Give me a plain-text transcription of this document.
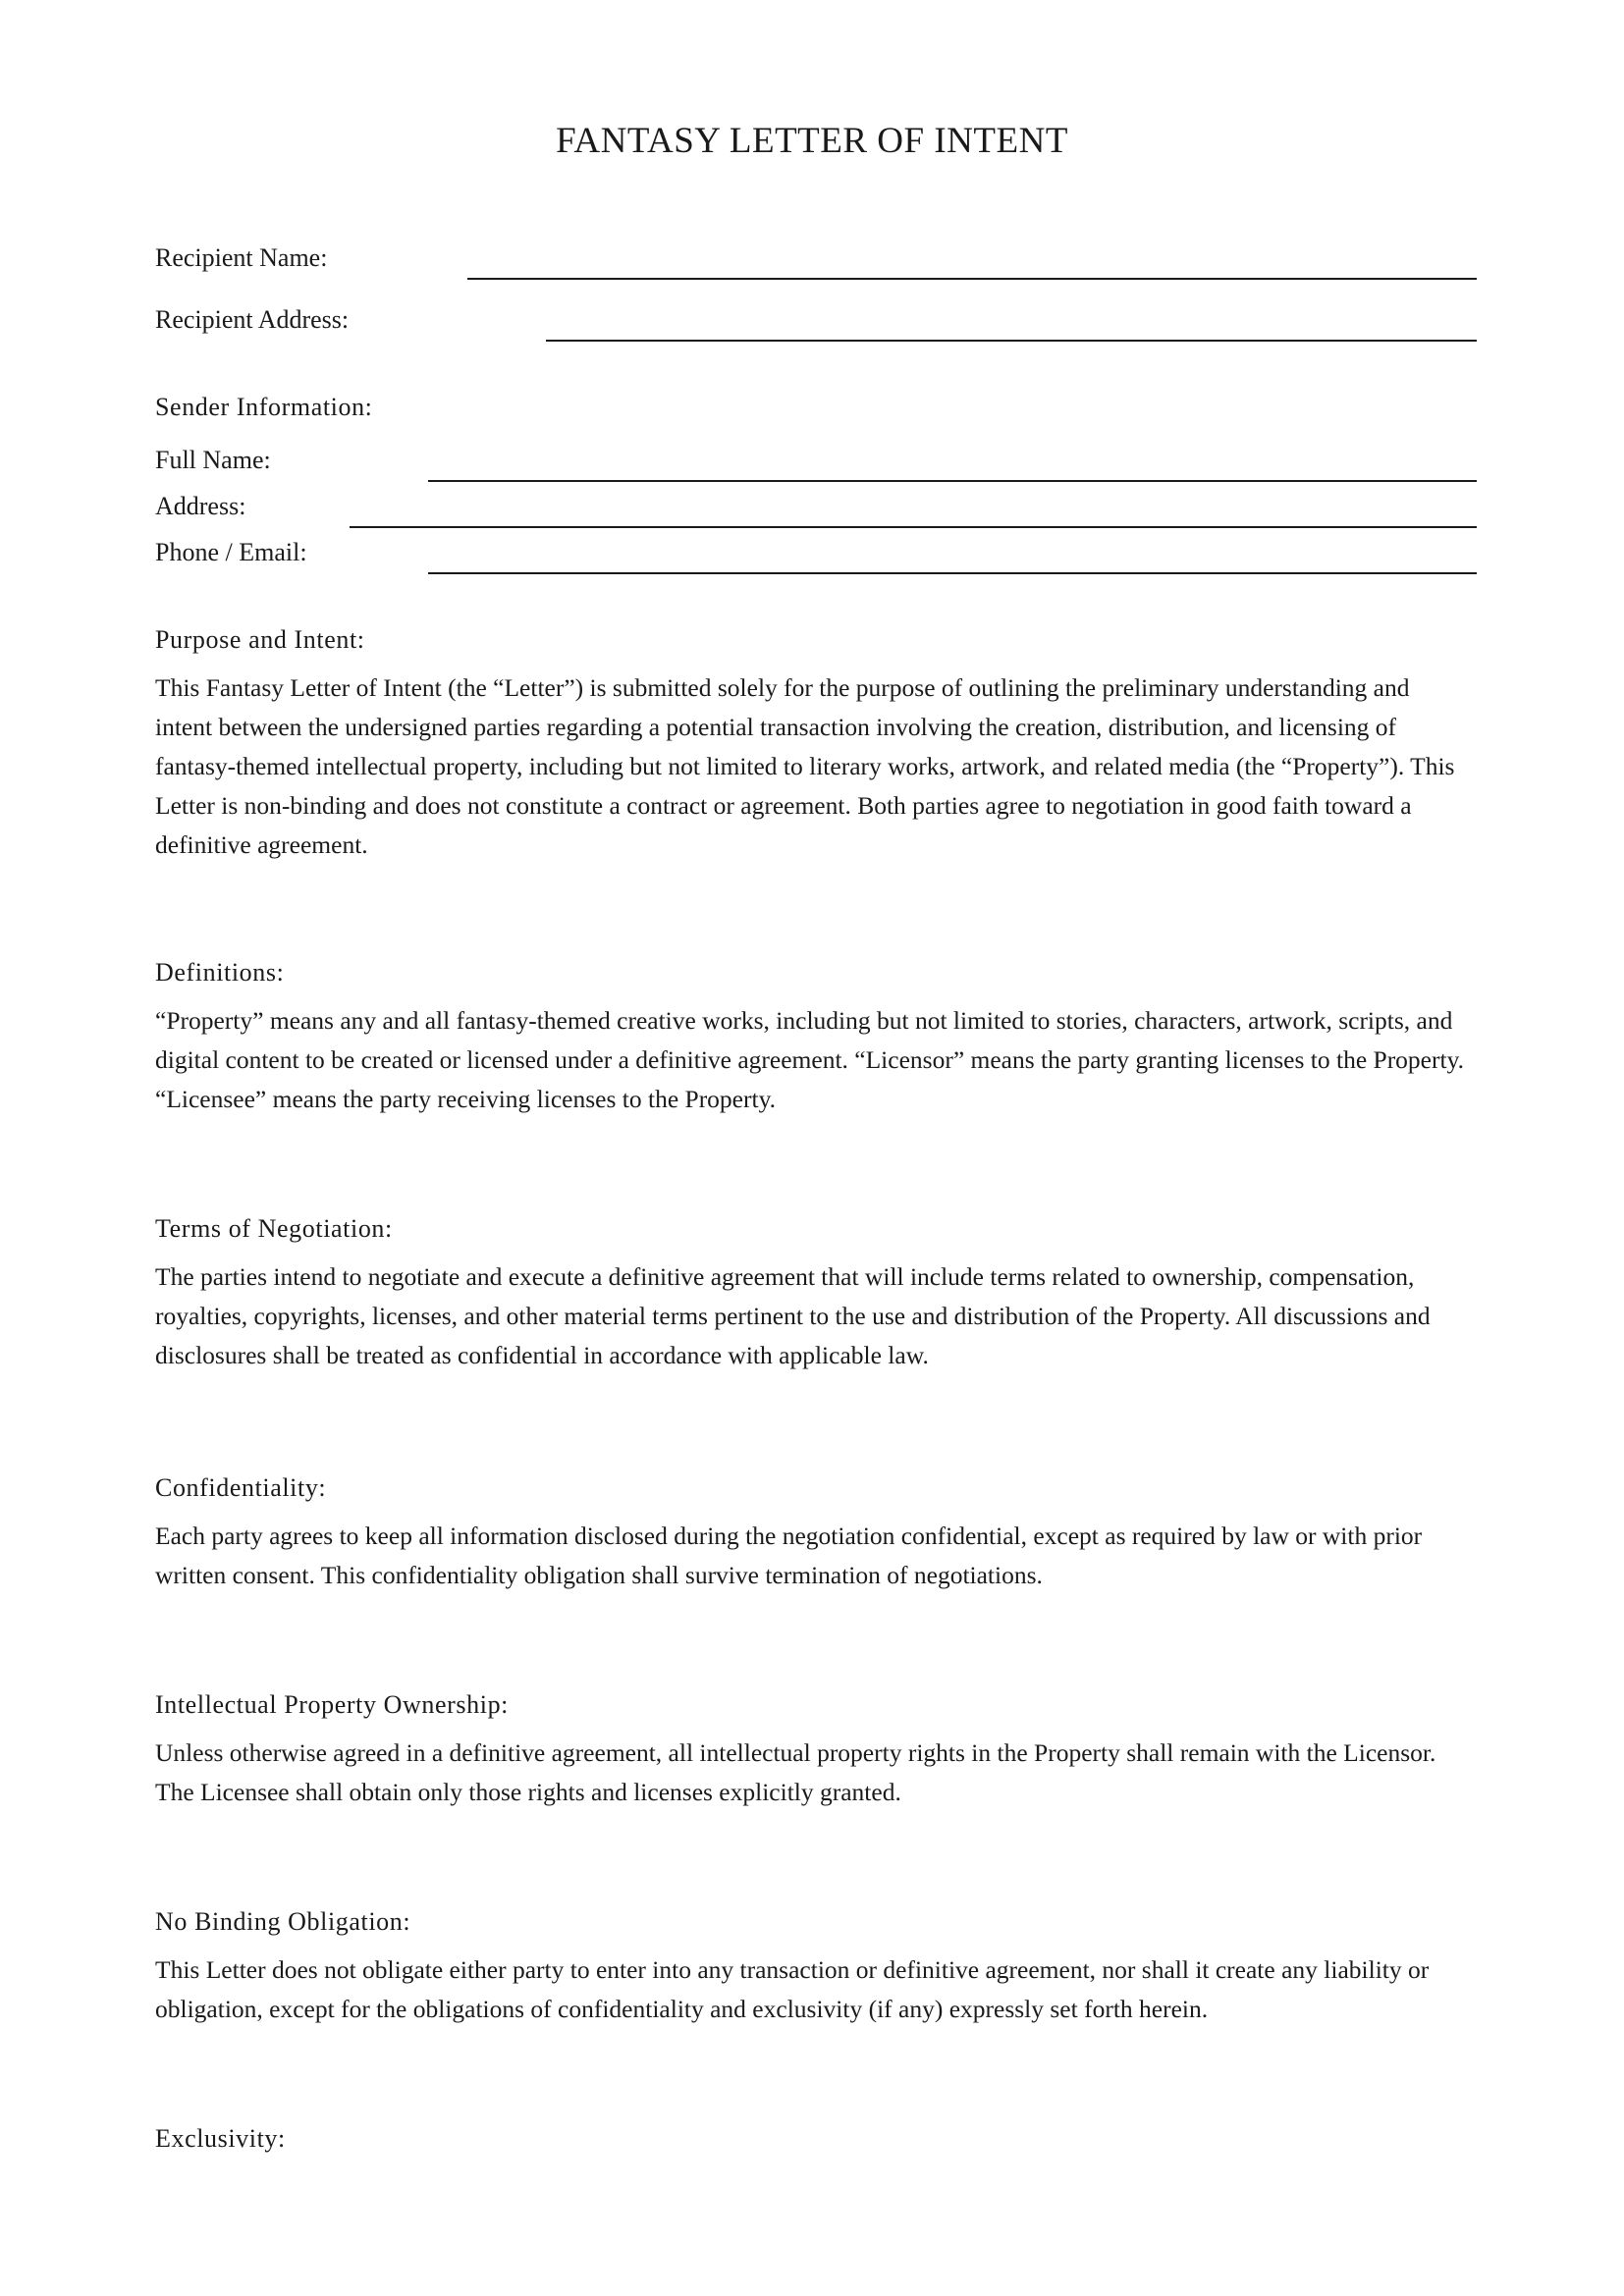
FANTASY LETTER OF INTENT
Recipient Name:
Recipient Address:
Sender Information:
Full Name:
Address:
Phone / Email:
Purpose and Intent:

This Fantasy Letter of Intent (the “Letter”) is submitted solely for the purpose of outlining the preliminary understanding and intent between the undersigned parties regarding a potential transaction involving the creation, distribution, and licensing of fantasy-themed intellectual property, including but not limited to literary works, artwork, and related media (the “Property”). This Letter is non-binding and does not constitute a contract or agreement. Both parties agree to negotiation in good faith toward a definitive agreement.

Definitions:

“Property” means any and all fantasy-themed creative works, including but not limited to stories, characters, artwork, scripts, and digital content to be created or licensed under a definitive agreement. “Licensor” means the party granting licenses to the Property. “Licensee” means the party receiving licenses to the Property.

Terms of Negotiation:

The parties intend to negotiate and execute a definitive agreement that will include terms related to ownership, compensation, royalties, copyrights, licenses, and other material terms pertinent to the use and distribution of the Property. All discussions and disclosures shall be treated as confidential in accordance with applicable law.

Confidentiality:

Each party agrees to keep all information disclosed during the negotiation confidential, except as required by law or with prior written consent. This confidentiality obligation shall survive termination of negotiations.

Intellectual Property Ownership:

Unless otherwise agreed in a definitive agreement, all intellectual property rights in the Property shall remain with the Licensor. The Licensee shall obtain only those rights and licenses explicitly granted.

No Binding Obligation:

This Letter does not obligate either party to enter into any transaction or definitive agreement, nor shall it create any liability or obligation, except for the obligations of confidentiality and exclusivity (if any) expressly set forth herein.

Exclusivity:
